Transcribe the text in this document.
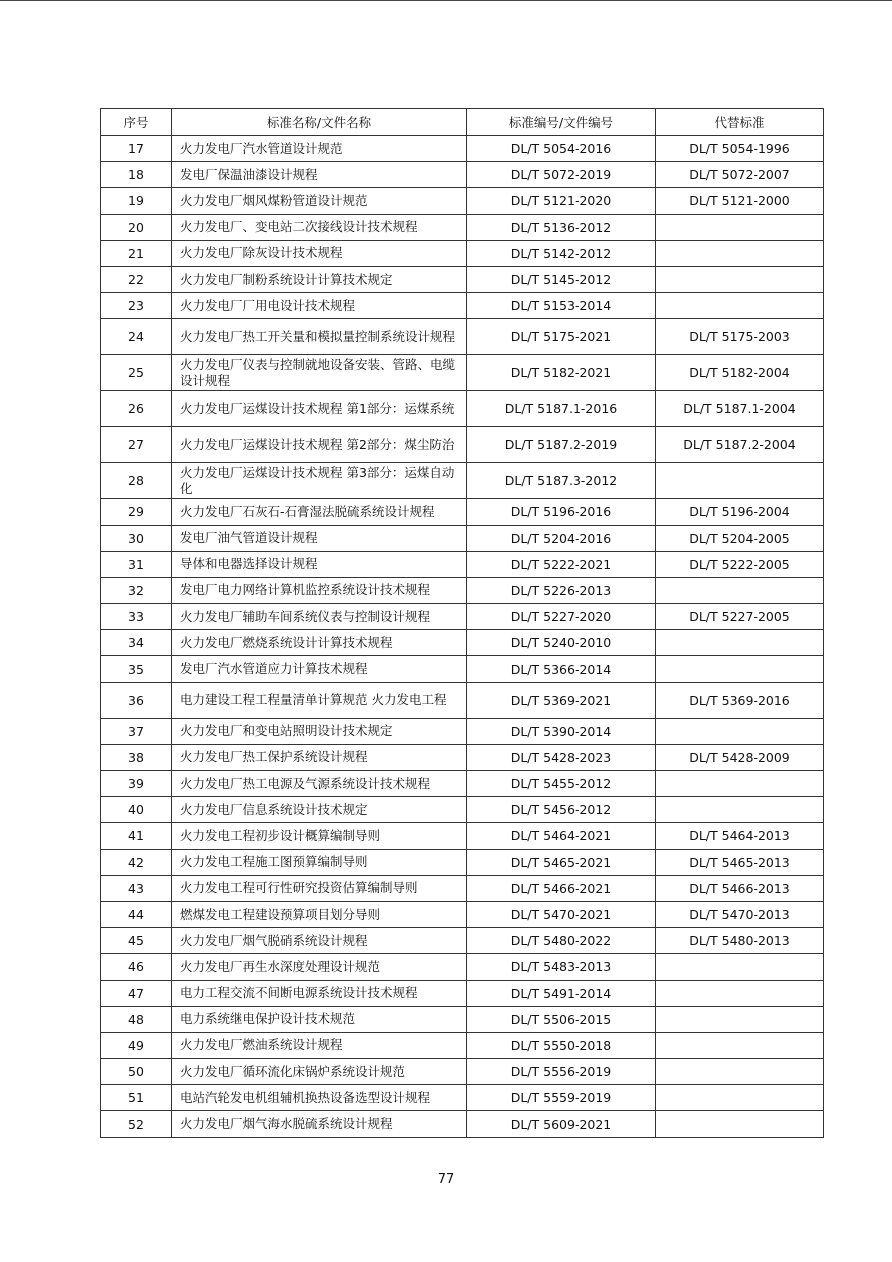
序号	标准名称/文件名称	标准编号/文件编号	代替标准
17	火力发电厂汽水管道设计规范	DL/T 5054-2016	DL/T 5054-1996
18	发电厂保温油漆设计规程	DL/T 5072-2019	DL/T 5072-2007
19	火力发电厂烟风煤粉管道设计规范	DL/T 5121-2020	DL/T 5121-2000
20	火力发电厂、变电站二次接线设计技术规程	DL/T 5136-2012	
21	火力发电厂除灰设计技术规程	DL/T 5142-2012	
22	火力发电厂制粉系统设计计算技术规定	DL/T 5145-2012	
23	火力发电厂厂用电设计技术规程	DL/T 5153-2014	
24	火力发电厂热工开关量和模拟量控制系统设计规程	DL/T 5175-2021	DL/T 5175-2003
25	火力发电厂仪表与控制就地设备安装、管路、电缆设计规程	DL/T 5182-2021	DL/T 5182-2004
26	火力发电厂运煤设计技术规程 第1部分：运煤系统	DL/T 5187.1-2016	DL/T 5187.1-2004
27	火力发电厂运煤设计技术规程 第2部分：煤尘防治	DL/T 5187.2-2019	DL/T 5187.2-2004
28	火力发电厂运煤设计技术规程 第3部分：运煤自动化	DL/T 5187.3-2012	
29	火力发电厂石灰石-石膏湿法脱硫系统设计规程	DL/T 5196-2016	DL/T 5196-2004
30	发电厂油气管道设计规程	DL/T 5204-2016	DL/T 5204-2005
31	导体和电器选择设计规程	DL/T 5222-2021	DL/T 5222-2005
32	发电厂电力网络计算机监控系统设计技术规程	DL/T 5226-2013	
33	火力发电厂辅助车间系统仪表与控制设计规程	DL/T 5227-2020	DL/T 5227-2005
34	火力发电厂燃烧系统设计计算技术规程	DL/T 5240-2010	
35	发电厂汽水管道应力计算技术规程	DL/T 5366-2014	
36	电力建设工程工程量清单计算规范 火力发电工程	DL/T 5369-2021	DL/T 5369-2016
37	火力发电厂和变电站照明设计技术规定	DL/T 5390-2014	
38	火力发电厂热工保护系统设计规程	DL/T 5428-2023	DL/T 5428-2009
39	火力发电厂热工电源及气源系统设计技术规程	DL/T 5455-2012	
40	火力发电厂信息系统设计技术规定	DL/T 5456-2012	
41	火力发电工程初步设计概算编制导则	DL/T 5464-2021	DL/T 5464-2013
42	火力发电工程施工图预算编制导则	DL/T 5465-2021	DL/T 5465-2013
43	火力发电工程可行性研究投资估算编制导则	DL/T 5466-2021	DL/T 5466-2013
44	燃煤发电工程建设预算项目划分导则	DL/T 5470-2021	DL/T 5470-2013
45	火力发电厂烟气脱硝系统设计规程	DL/T 5480-2022	DL/T 5480-2013
46	火力发电厂再生水深度处理设计规范	DL/T 5483-2013	
47	电力工程交流不间断电源系统设计技术规程	DL/T 5491-2014	
48	电力系统继电保护设计技术规范	DL/T 5506-2015	
49	火力发电厂燃油系统设计规程	DL/T 5550-2018	
50	火力发电厂循环流化床锅炉系统设计规范	DL/T 5556-2019	
51	电站汽轮发电机组辅机换热设备选型设计规程	DL/T 5559-2019	
52	火力发电厂烟气海水脱硫系统设计规程	DL/T 5609-2021	
77
